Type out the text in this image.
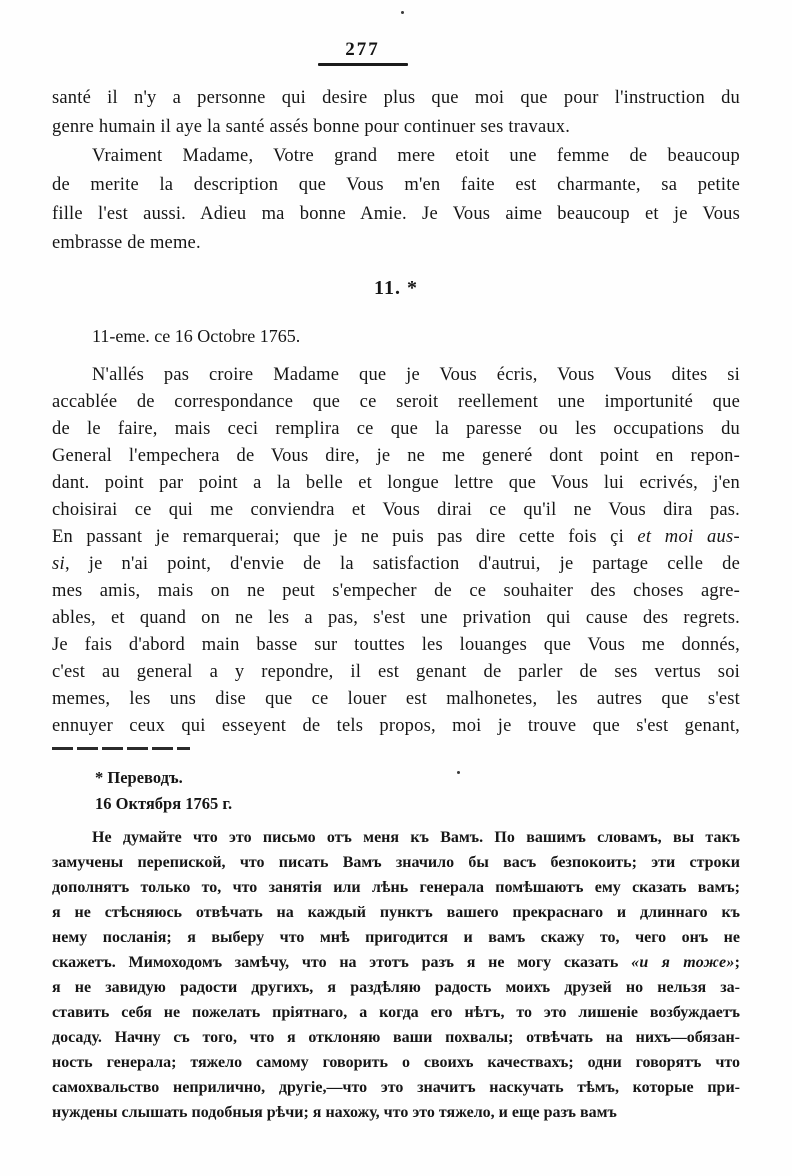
277
santé il n'y a personne qui desire plus que moi que pour l'instruction du
genre humain il aye la santé assés bonne pour continuer ses travaux.
Vraiment Madame, Votre grand mere etoit une femme de beaucoup
de merite la description que Vous m'en faite est charmante, sa petite
fille l'est aussi. Adieu ma bonne Amie. Je Vous aime beaucoup et je Vous
embrasse de meme.
11. *
11-eme. ce 16 Octobre 1765.
N'allés pas croire Madame que je Vous écris, Vous Vous dites si
accablée de correspondance que ce seroit reellement une importunité que
de le faire, mais ceci remplira ce que la paresse ou les occupations du
General l'empechera de Vous dire, je ne me generé dont point en repon-
dant. point par point a la belle et longue lettre que Vous lui ecrivés, j'en
choisirai ce qui me conviendra et Vous dirai ce qu'il ne Vous dira pas.
En passant je remarquerai; que je ne puis pas dire cette fois çi et moi aus-
si, je n'ai point, d'envie de la satisfaction d'autrui, je partage celle de
mes amis, mais on ne peut s'empecher de ce souhaiter des choses agre-
ables, et quand on ne les a pas, s'est une privation qui cause des regrets.
Je fais d'abord main basse sur touttes les louanges que Vous me donnés,
c'est au general a y repondre, il est genant de parler de ses vertus soi
memes, les uns dise que ce louer est malhonetes, les autres que s'est
ennuyer ceux qui esseyent de tels propos, moi je trouve que s'est genant,
* Переводъ.
16 Октября 1765 г.
Не думайте что это письмо отъ меня къ Вамъ. По вашимъ словамъ, вы такъ
замучены перепиской, что писать Вамъ значило бы васъ безпокоить; эти строки
дополнятъ только то, что занятія или лѣнь генерала помѣшаютъ ему сказать вамъ;
я не стѣсняюсь отвѣчать на каждый пунктъ вашего прекраснаго и длиннаго къ
нему посланія; я выберу что мнѣ пригодится и вамъ скажу то, чего онъ не
скажетъ. Мимоходомъ замѣчу, что на этотъ разъ я не могу сказать «и я тоже»;
я не завидую радости другихъ, я раздѣляю радость моихъ друзей но нельзя за-
ставить себя не пожелать пріятнаго, а когда его нѣтъ, то это лишеніе возбуждаетъ
досаду. Начну съ того, что я отклоняю ваши похвалы; отвѣчать на нихъ—обязан-
ность генерала; тяжело самому говорить о своихъ качествахъ; одни говорятъ что
самохвальство неприлично, другіе,—что это значитъ наскучать тѣмъ, которые при-
нуждены слышать подобныя рѣчи; я нахожу, что это тяжело, и еще разъ вамъ
